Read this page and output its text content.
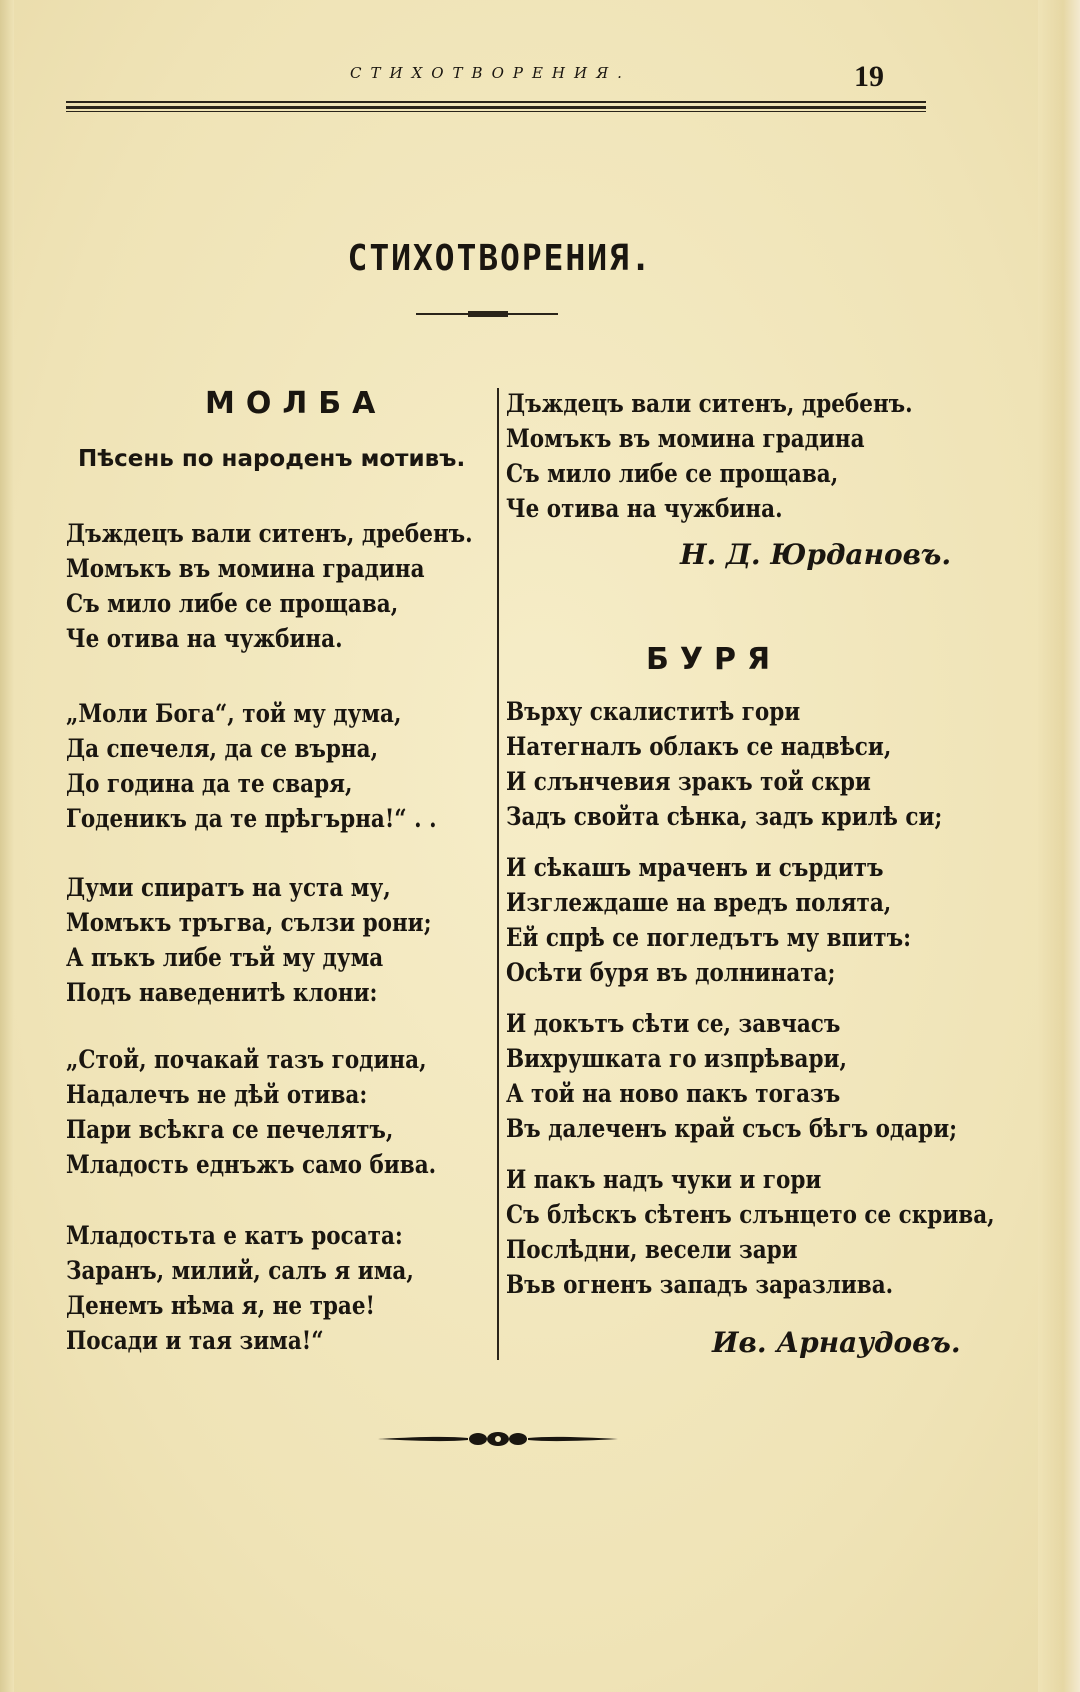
СТИХОТВОРЕНИЯ.	19
СТИХОТВОРЕНИЯ.
МОЛБА
Пѣсень по народенъ мотивъ.
Дъждецъ вали ситенъ, дребенъ.
Момъкъ въ момина градина
Съ мило либе се прощава,
Че отива на чужбина.
„Моли Бога“, той му дума,
Да спечеля, да се върна,
До година да те сваря,
Годеникъ да те прѣгърна!“ . .
Думи спиратъ на уста му,
Момъкъ тръгва, сълзи рони;
А пъкъ либе тъй му дума
Подъ наведенитѣ клони:
„Стой, почакай тазъ година,
Надалечъ не дѣй отива:
Пари всѣкга се печелятъ,
Младость еднъжъ само бива.
Младостьта е катъ росата:
Заранъ, милий, салъ я има,
Денемъ нѣма я, не трае!
Посади и тая зима!“
Дъждецъ вали ситенъ, дребенъ.
Момъкъ въ момина градина
Съ мило либе се прощава,
Че отива на чужбина.
Н. Д. Юрдановъ.
БУРЯ
Върху скалиститѣ гори
Натегналъ облакъ се надвѣси,
И слънчевия зракъ той скри
Задъ свойта сѣнка, задъ крилѣ си;
И сѣкашъ мраченъ и сърдитъ
Изглеждаше на вредъ полята,
Ей спрѣ се погледътъ му впитъ:
Осѣти буря въ долнината;
И докътъ сѣти се, завчасъ
Вихрушката го изпрѣвари,
А той на ново пакъ тогазъ
Въ далеченъ край съсъ бѣгъ одари;
И пакъ надъ чуки и гори
Съ блѣскъ сѣтенъ слънцето се скрива,
Послѣдни, весели зари
Във огненъ западъ заразлива.
Ив. Арнаудовъ.
